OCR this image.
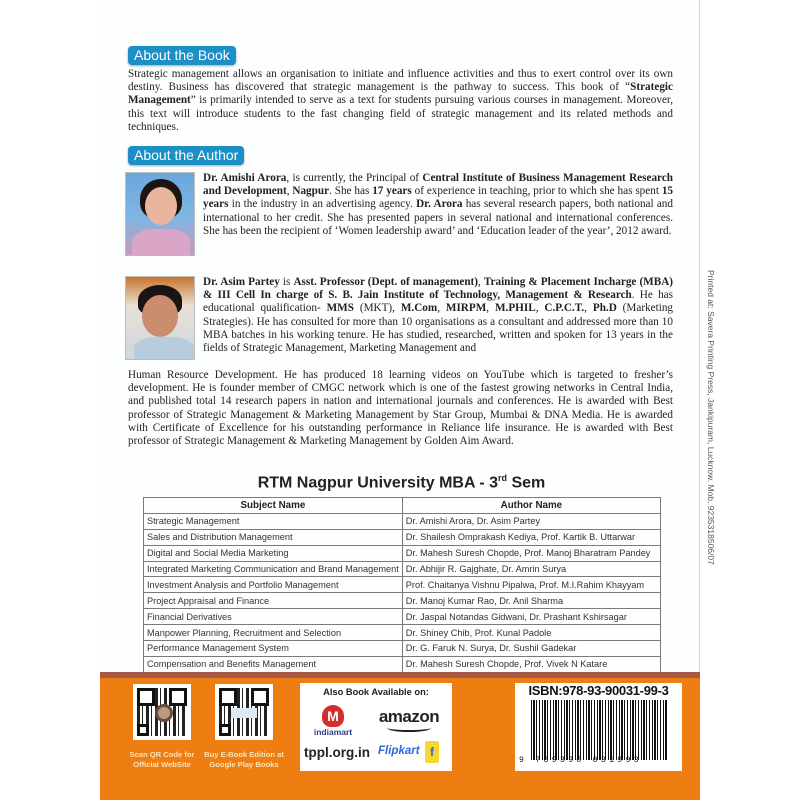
About the Book

Strategic management allows an organisation to initiate and influence activities and thus to exert control over its own destiny. Business has discovered that strategic management is the pathway to success. This book of “Strategic Management” is primarily intended to serve as a text for students pursuing various courses in management. Moreover, this text will introduce students to the fast changing field of strategic management and its related methods and techniques.

About the Author

Dr. Amishi Arora, is currently, the Principal of Central Institute of Business Management Research and Development, Nagpur. She has 17 years of experience in teaching, prior to which she has spent 15 years in the industry in an advertising agency. Dr. Arora has several research papers, both national and international to her credit. She has presented papers in several national and international conferences. She has been the recipient of ‘Women leadership award’ and ‘Education leader of the year’, 2012 award.

Dr. Asim Partey is Asst. Professor (Dept. of management), Training & Placement Incharge (MBA) & III Cell In charge of S. B. Jain Institute of Technology, Management & Research. He has educational qualification- MMS (MKT), M.Com, MIRPM, M.PHIL, C.P.C.T., Ph.D (Marketing Strategies). He has consulted for more than 10 organisations as a consultant and addressed more than 10 MBA batches in his working tenure. He has studied, researched, written and spoken for 13 years in the fields of Strategic Management, Marketing Management and

Human Resource Development. He has produced 18 learning videos on YouTube which is targeted to fresher’s development. He is founder member of CMGC network which is one of the fastest growing networks in Central India, and published total 14 research papers in nation and international journals and conferences. He is awarded with Best professor of Strategic Management & Marketing Management by Star Group, Mumbai & DNA Media. He is awarded with Certificate of Excellence for his outstanding performance in Reliance life insurance. He is awarded with Best professor of Strategic Management & Marketing Management by Golden Aim Award.

RTM Nagpur University MBA - 3rd Sem
Subject Name	Author Name
Strategic Management	Dr. Amishi Arora, Dr. Asim Partey
Sales and Distribution Management	Dr. Shailesh Omprakash Kediya, Prof. Kartik B. Uttarwar
Digital and Social Media Marketing	Dr. Mahesh Suresh Chopde, Prof. Manoj Bharatram Pandey
Integrated Marketing Communication and Brand Management	Dr. Abhijir R. Gajghate, Dr. Amrin Surya
Investment Analysis and Portfolio Management	Prof. Chaitanya Vishnu Pipalwa, Prof. M.I.Rahim Khayyam
Project Appraisal and Finance	Dr. Manoj Kumar Rao, Dr. Anil Sharma
Financial Derivatives	Dr. Jaspal Notandas Gidwani, Dr. Prashant Kshirsagar
Manpower Planning, Recruitment and Selection	Dr. Shiney Chib, Prof. Kunal Padole
Performance Management System	Dr. G. Faruk N. Surya, Dr. Sushil Gadekar
Compensation and Benefits Management	Dr. Mahesh Suresh Chopde, Prof. Vivek N Katare
Scan QR Code for Official WebSite
Buy E-Book Edition at Google Play Books
Also Book Available on:
M
indiamart
amazon
tppl.org.in Flipkart f
ISBN:978-93-90031-99-3
9 789390 031993
Printed at: Savera Printing Press, Jankipuram, Lucknow. Mob. 9235318506/07
